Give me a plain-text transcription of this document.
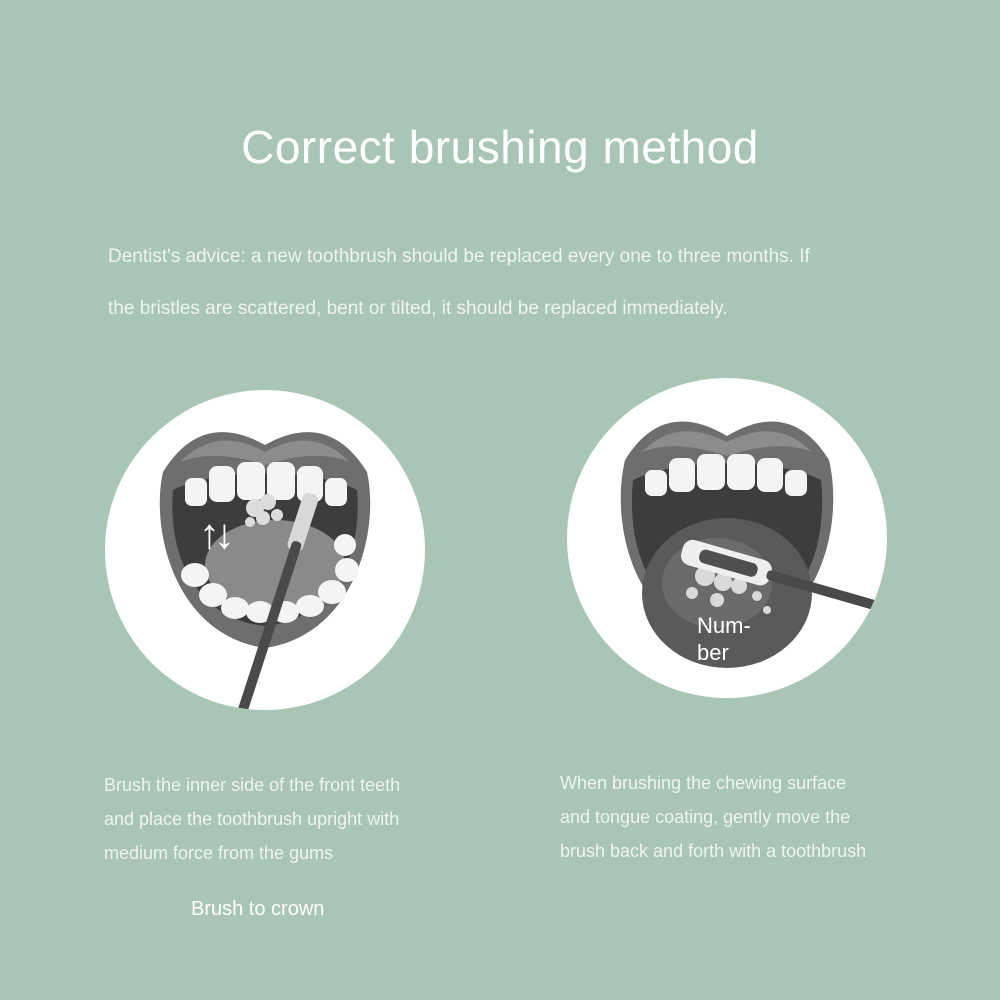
Correct brushing method
Dentist's advice: a new toothbrush should be replaced every one to three months. If
the bristles are scattered, bent or tilted, it should be replaced immediately.
↑↓
Num-
ber
Brush the inner side of the front teeth
and place the toothbrush upright with
medium force from the gums
Brush to crown
When brushing the chewing surface
and tongue coating, gently move the
brush back and forth with a toothbrush
